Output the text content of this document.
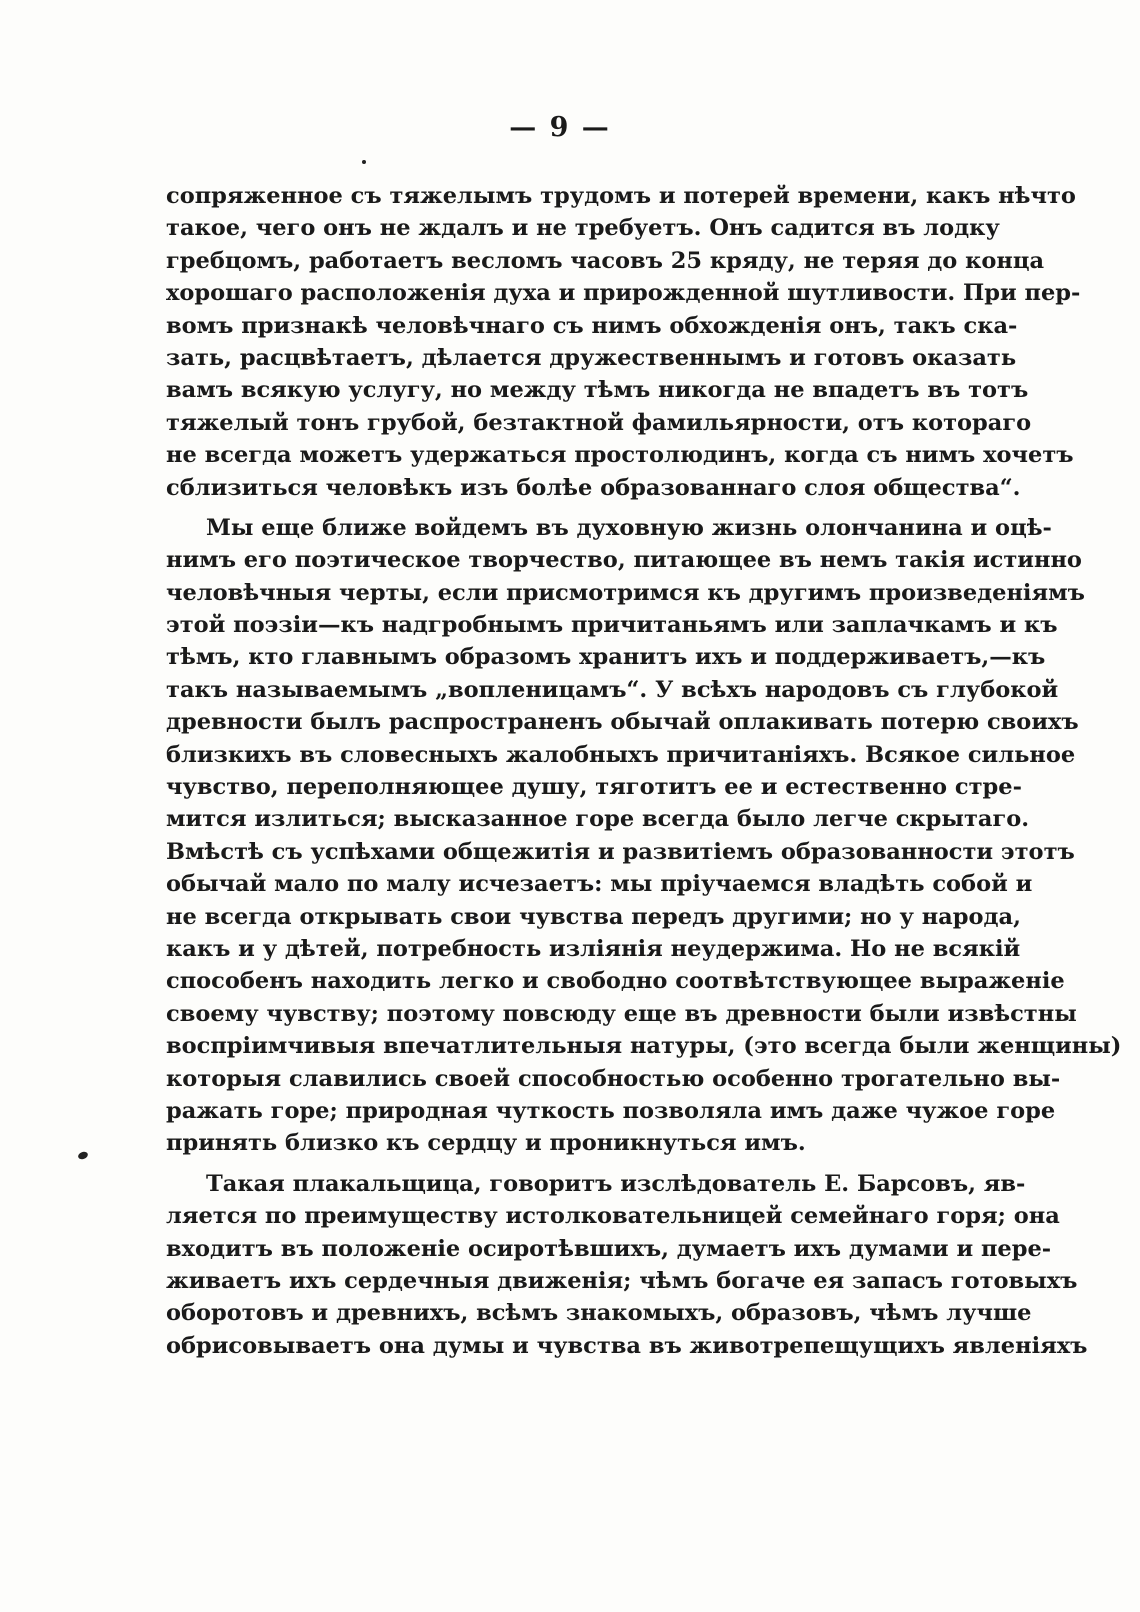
— 9 —
сопряженное съ тяжелымъ трудомъ и потерей времени, какъ нѣчто
такое, чего онъ не ждалъ и не требуетъ. Онъ садится въ лодку
гребцомъ, работаетъ весломъ часовъ 25 кряду, не теряя до конца
хорошаго расположенія духа и прирожденной шутливости. При пер-
вомъ признакѣ человѣчнаго съ нимъ обхожденія онъ, такъ ска-
зать, расцвѣтаетъ, дѣлается дружественнымъ и готовъ оказать
вамъ всякую услугу, но между тѣмъ никогда не впадетъ въ тотъ
тяжелый тонъ грубой, безтактной фамильярности, отъ котораго
не всегда можетъ удержаться простолюдинъ, когда съ нимъ хочетъ
сблизиться человѣкъ изъ болѣе образованнаго слоя общества“.
Мы еще ближе войдемъ въ духовную жизнь олончанина и оцѣ-
нимъ его поэтическое творчество, питающее въ немъ такія истинно
человѣчныя черты, если присмотримся къ другимъ произведеніямъ
этой поэзіи—къ надгробнымъ причитаньямъ или заплачкамъ и къ
тѣмъ, кто главнымъ образомъ хранитъ ихъ и поддерживаетъ,—къ
такъ называемымъ „вопленицамъ“. У всѣхъ народовъ съ глубокой
древности былъ распространенъ обычай оплакивать потерю своихъ
близкихъ въ словесныхъ жалобныхъ причитаніяхъ. Всякое сильное
чувство, переполняющее душу, тяготитъ ее и естественно стре-
мится излиться; высказанное горе всегда было легче скрытаго.
Вмѣстѣ съ успѣхами общежитія и развитіемъ образованности этотъ
обычай мало по малу исчезаетъ: мы пріучаемся владѣть собой и
не всегда открывать свои чувства передъ другими; но у народа,
какъ и у дѣтей, потребность изліянія неудержима. Но не всякій
способенъ находить легко и свободно соотвѣтствующее выраженіе
своему чувству; поэтому повсюду еще въ древности были извѣстны
воспріимчивыя впечатлительныя натуры, (это всегда были женщины)
которыя славились своей способностью особенно трогательно вы-
ражать горе; природная чуткость позволяла имъ даже чужое горе
принять близко къ сердцу и проникнуться имъ.
Такая плакальщица, говоритъ изслѣдователь Е. Барсовъ, яв-
ляется по преимуществу истолковательницей семейнаго горя; она
входитъ въ положеніе осиротѣвшихъ, думаетъ ихъ думами и пере-
живаетъ ихъ сердечныя движенія; чѣмъ богаче ея запасъ готовыхъ
оборотовъ и древнихъ, всѣмъ знакомыхъ, образовъ, чѣмъ лучше
обрисовываетъ она думы и чувства въ животрепещущихъ явленіяхъ
